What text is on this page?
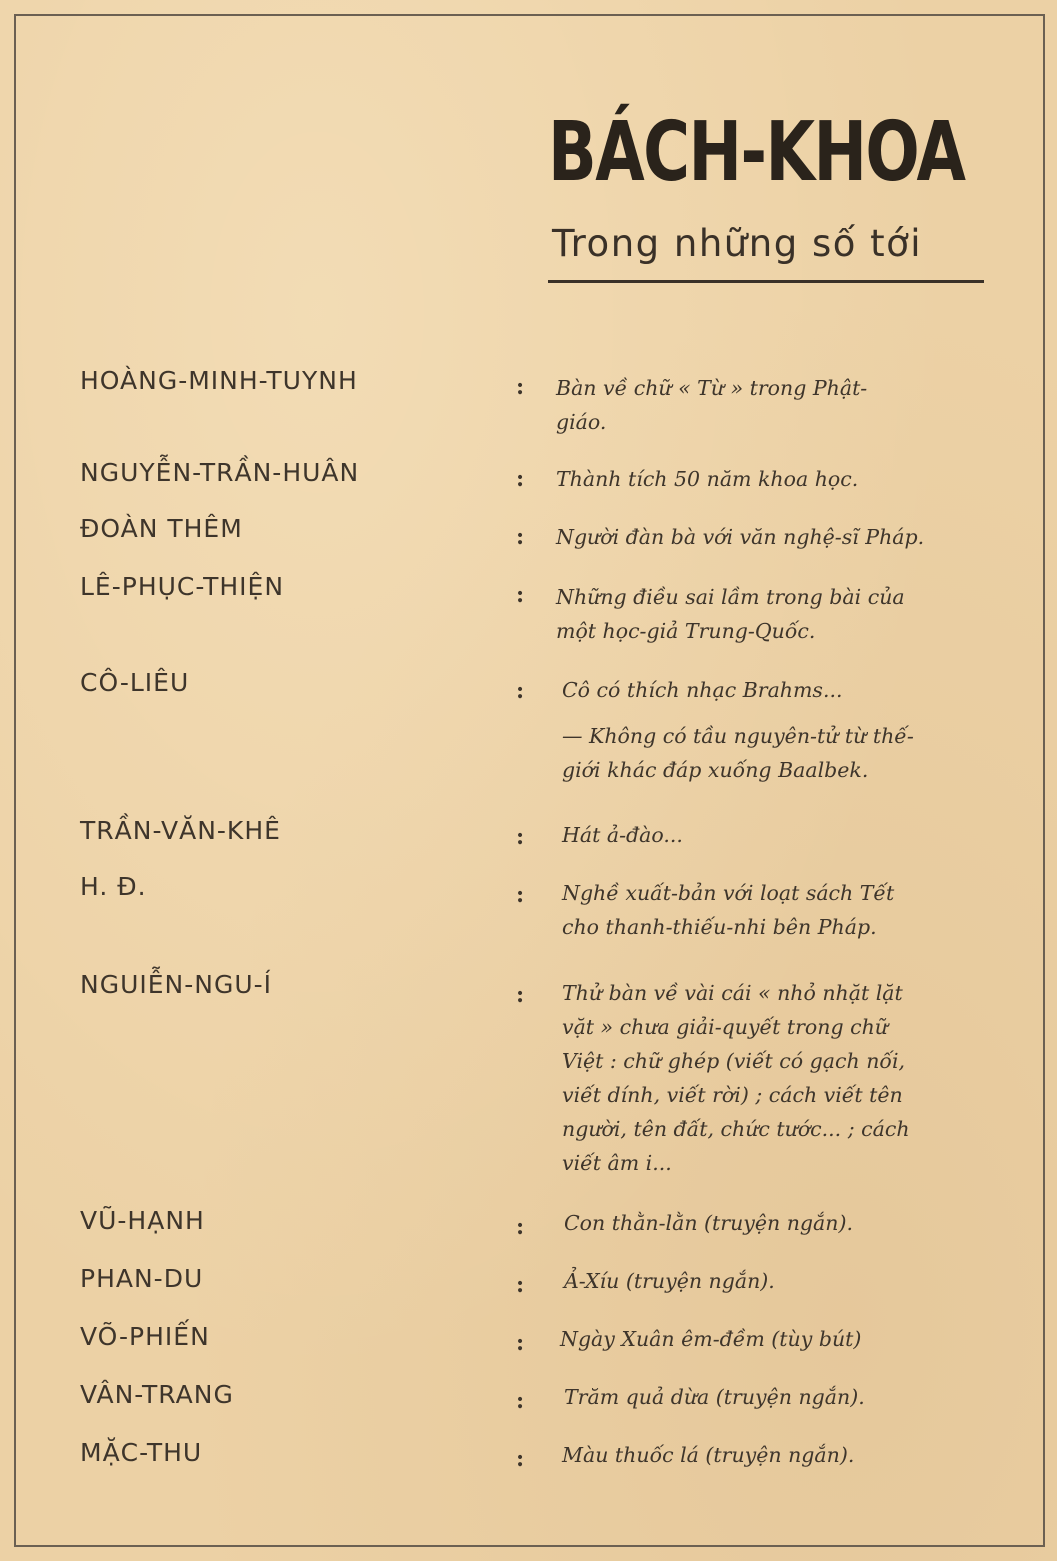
BÁCH-KHOA
Trong những số tới
HOÀNG-MINH-TUYNH	: Bàn về chữ « Từ » trong Phật-
giáo.
NGUYỄN-TRẦN-HUÂN	: Thành tích 50 năm khoa học.
ĐOÀN THÊM	: Người đàn bà với văn nghệ-sĩ Pháp.
LÊ-PHỤC-THIỆN	: Những điều sai lầm trong bài của
một học-giả Trung-Quốc.
CÔ-LIÊU	: Cô có thích nhạc Brahms...
— Không có tầu nguyên-tử từ thế-
giới khác đáp xuống Baalbek.
TRẦN-VĂN-KHÊ	: Hát ả-đào...
H. Đ.	: Nghề xuất-bản với loạt sách Tết
cho thanh-thiếu-nhi bên Pháp.
NGUIỄN-NGU-Í	: Thử bàn về vài cái « nhỏ nhặt lặt
vặt » chưa giải-quyết trong chữ
Việt : chữ ghép (viết có gạch nối,
viết dính, viết rời) ; cách viết tên
người, tên đất, chức tước... ; cách
viết âm i...
VŨ-HẠNH	: Con thằn-lằn (truyện ngắn).
PHAN-DU	: Ả-Xíu (truyện ngắn).
VÕ-PHIẾN	: Ngày Xuân êm-đềm (tùy bút)
VÂN-TRANG	: Trăm quả dừa (truyện ngắn).
MẶC-THU	: Màu thuốc lá (truyện ngắn).
